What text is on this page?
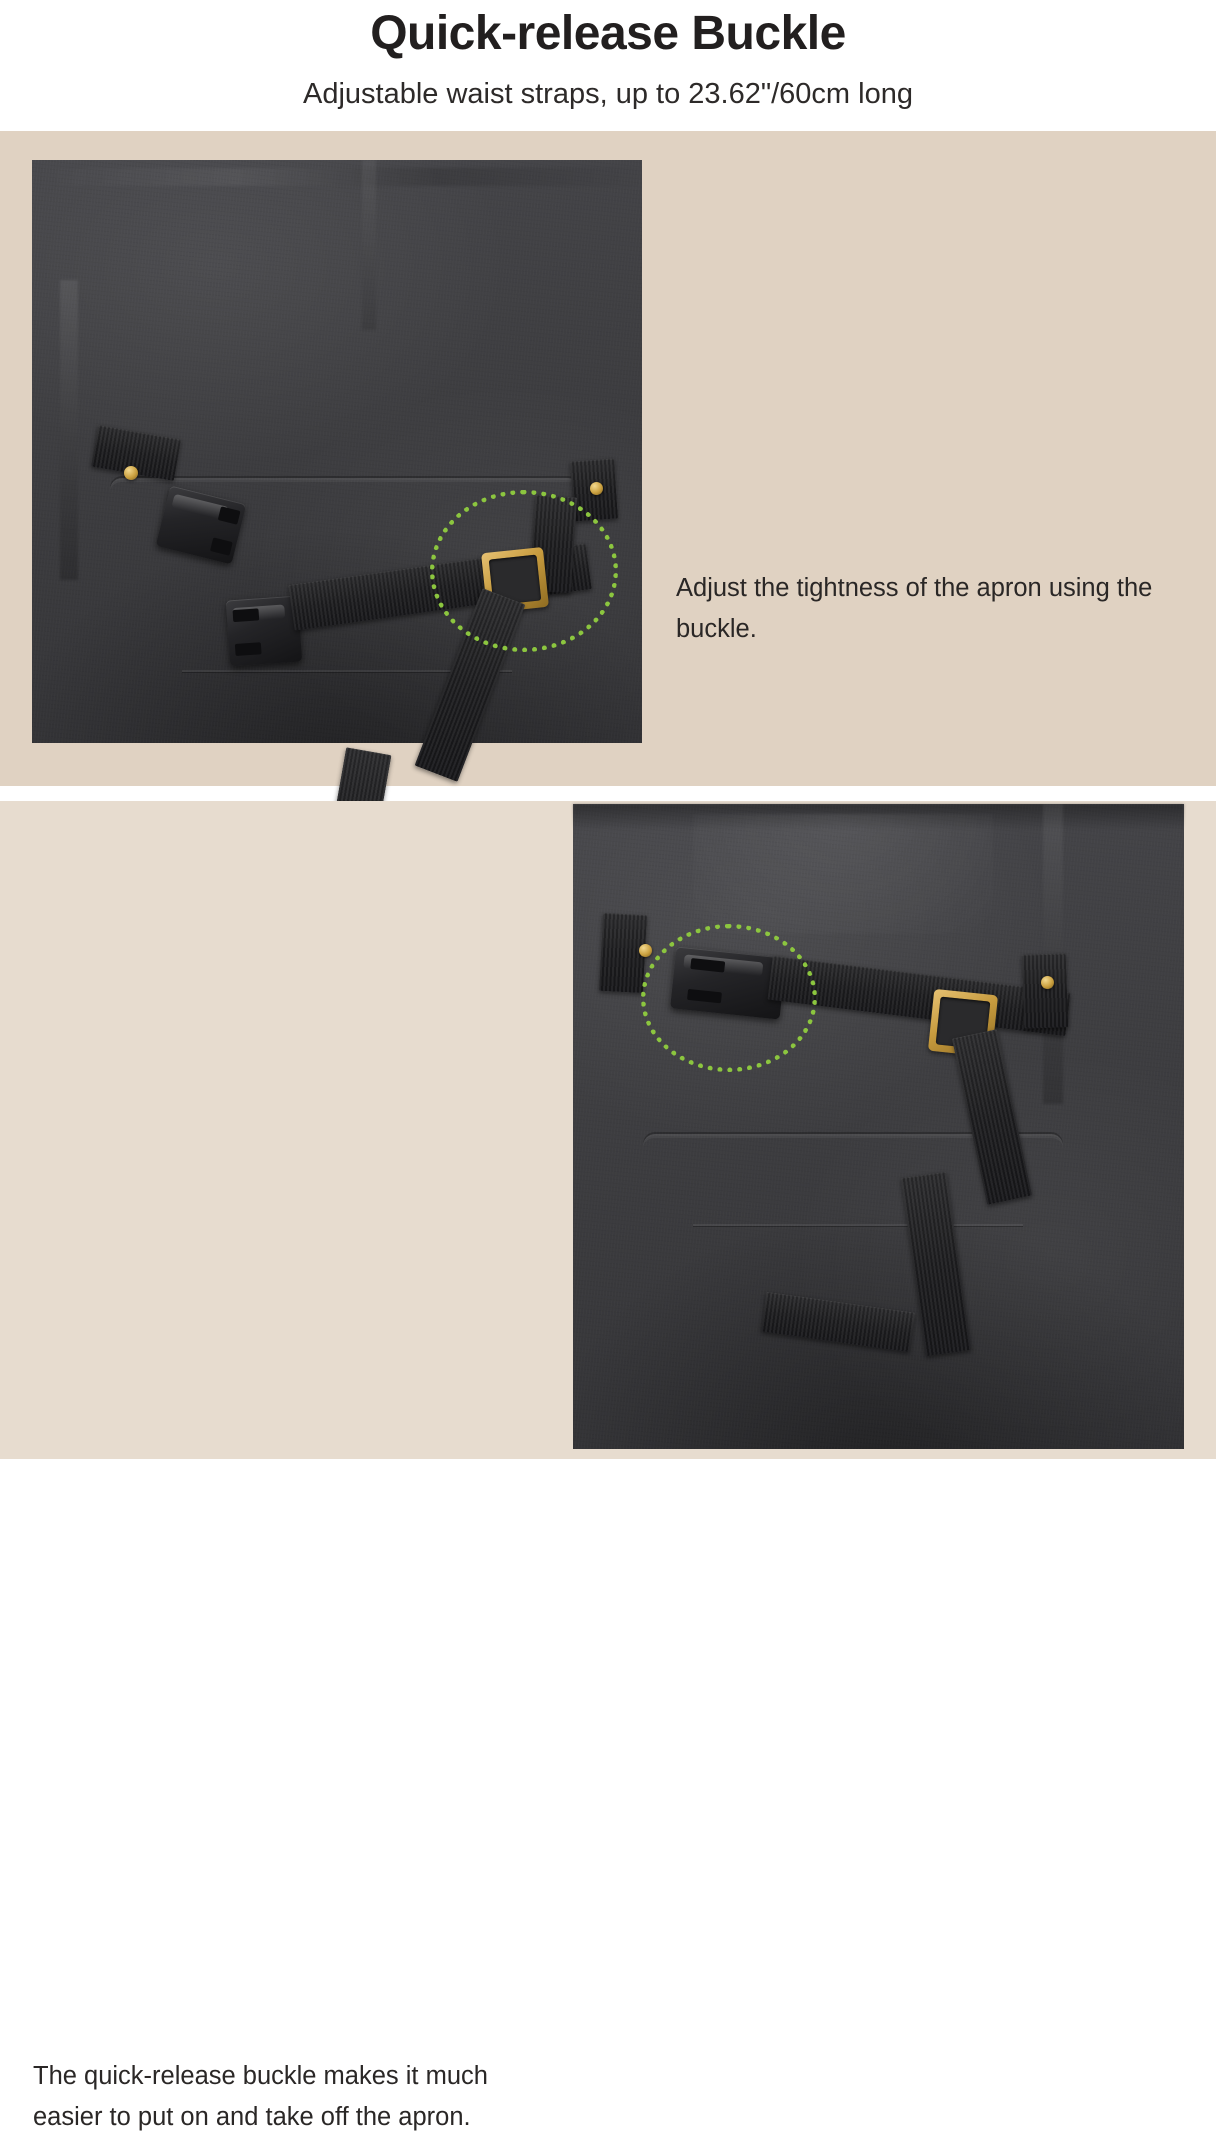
Quick-release Buckle
Adjustable waist straps, up to 23.62"/60cm long
Adjust the tightness of the apron using the buckle.
The quick-release buckle makes it much easier to put on and take off the apron.
